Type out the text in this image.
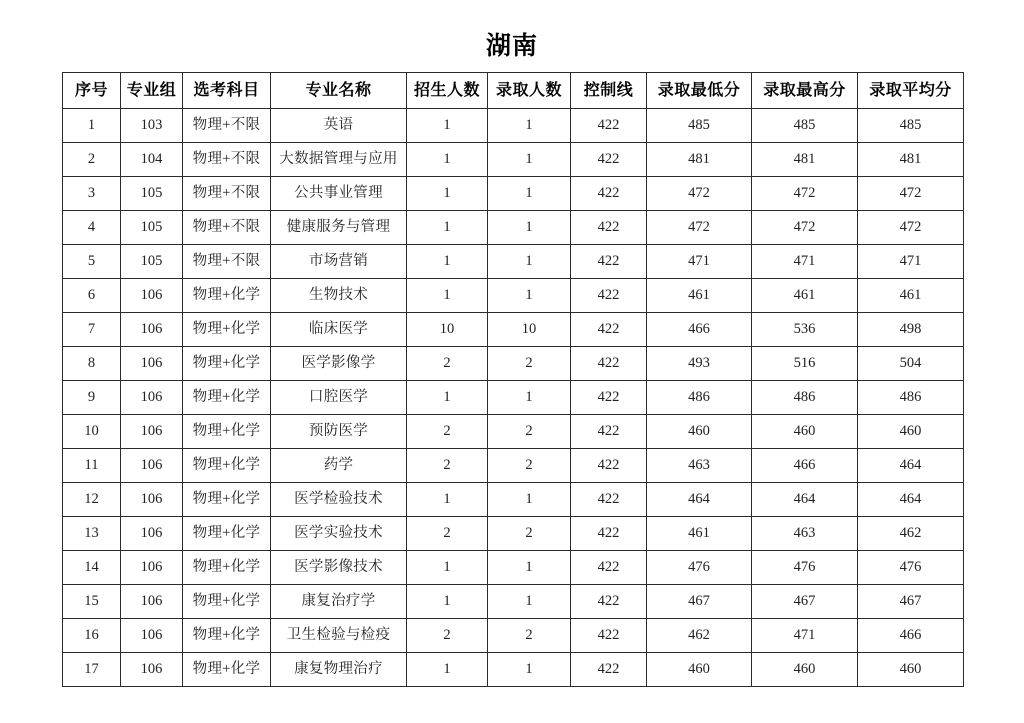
湖南
序号	专业组	选考科目	专业名称	招生人数	录取人数	控制线	录取最低分	录取最高分	录取平均分
1	103	物理+不限	英语	1	1	422	485	485	485
2	104	物理+不限	大数据管理与应用	1	1	422	481	481	481
3	105	物理+不限	公共事业管理	1	1	422	472	472	472
4	105	物理+不限	健康服务与管理	1	1	422	472	472	472
5	105	物理+不限	市场营销	1	1	422	471	471	471
6	106	物理+化学	生物技术	1	1	422	461	461	461
7	106	物理+化学	临床医学	10	10	422	466	536	498
8	106	物理+化学	医学影像学	2	2	422	493	516	504
9	106	物理+化学	口腔医学	1	1	422	486	486	486
10	106	物理+化学	预防医学	2	2	422	460	460	460
11	106	物理+化学	药学	2	2	422	463	466	464
12	106	物理+化学	医学检验技术	1	1	422	464	464	464
13	106	物理+化学	医学实验技术	2	2	422	461	463	462
14	106	物理+化学	医学影像技术	1	1	422	476	476	476
15	106	物理+化学	康复治疗学	1	1	422	467	467	467
16	106	物理+化学	卫生检验与检疫	2	2	422	462	471	466
17	106	物理+化学	康复物理治疗	1	1	422	460	460	460
